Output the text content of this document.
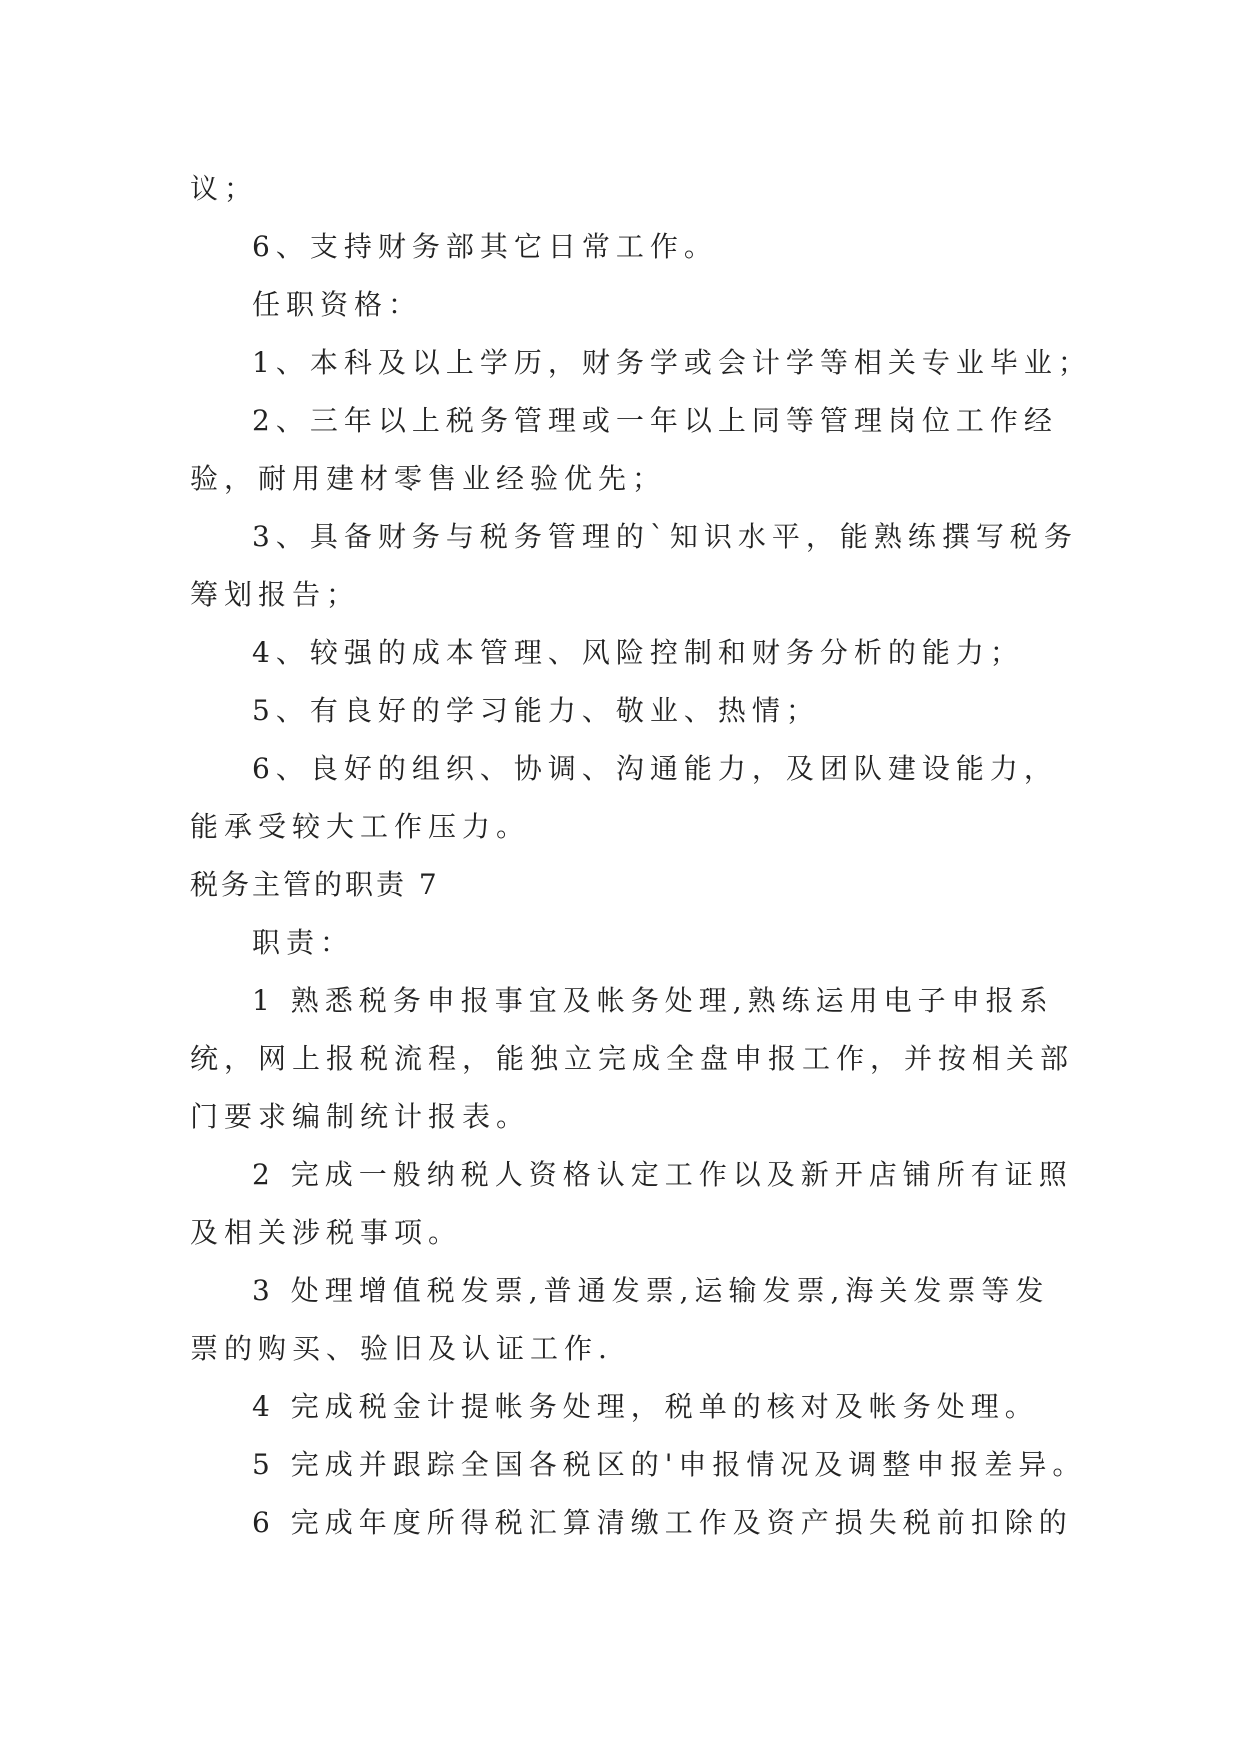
议；
6、支持财务部其它日常工作。
任职资格：
1、本科及以上学历，财务学或会计学等相关专业毕业；
2、三年以上税务管理或一年以上同等管理岗位工作经
验，耐用建材零售业经验优先；
3、具备财务与税务管理的`知识水平，能熟练撰写税务
筹划报告；
4、较强的成本管理、风险控制和财务分析的能力；
5、有良好的学习能力、敬业、热情；
6、良好的组织、协调、沟通能力，及团队建设能力，
能承受较大工作压力。
税务主管的职责 7
职责：
1 熟悉税务申报事宜及帐务处理,熟练运用电子申报系
统，网上报税流程，能独立完成全盘申报工作，并按相关部
门要求编制统计报表。
2 完成一般纳税人资格认定工作以及新开店铺所有证照
及相关涉税事项。
3 处理增值税发票,普通发票,运输发票,海关发票等发
票的购买、验旧及认证工作.
4 完成税金计提帐务处理，税单的核对及帐务处理。
5 完成并跟踪全国各税区的'申报情况及调整申报差异。
6 完成年度所得税汇算清缴工作及资产损失税前扣除的
